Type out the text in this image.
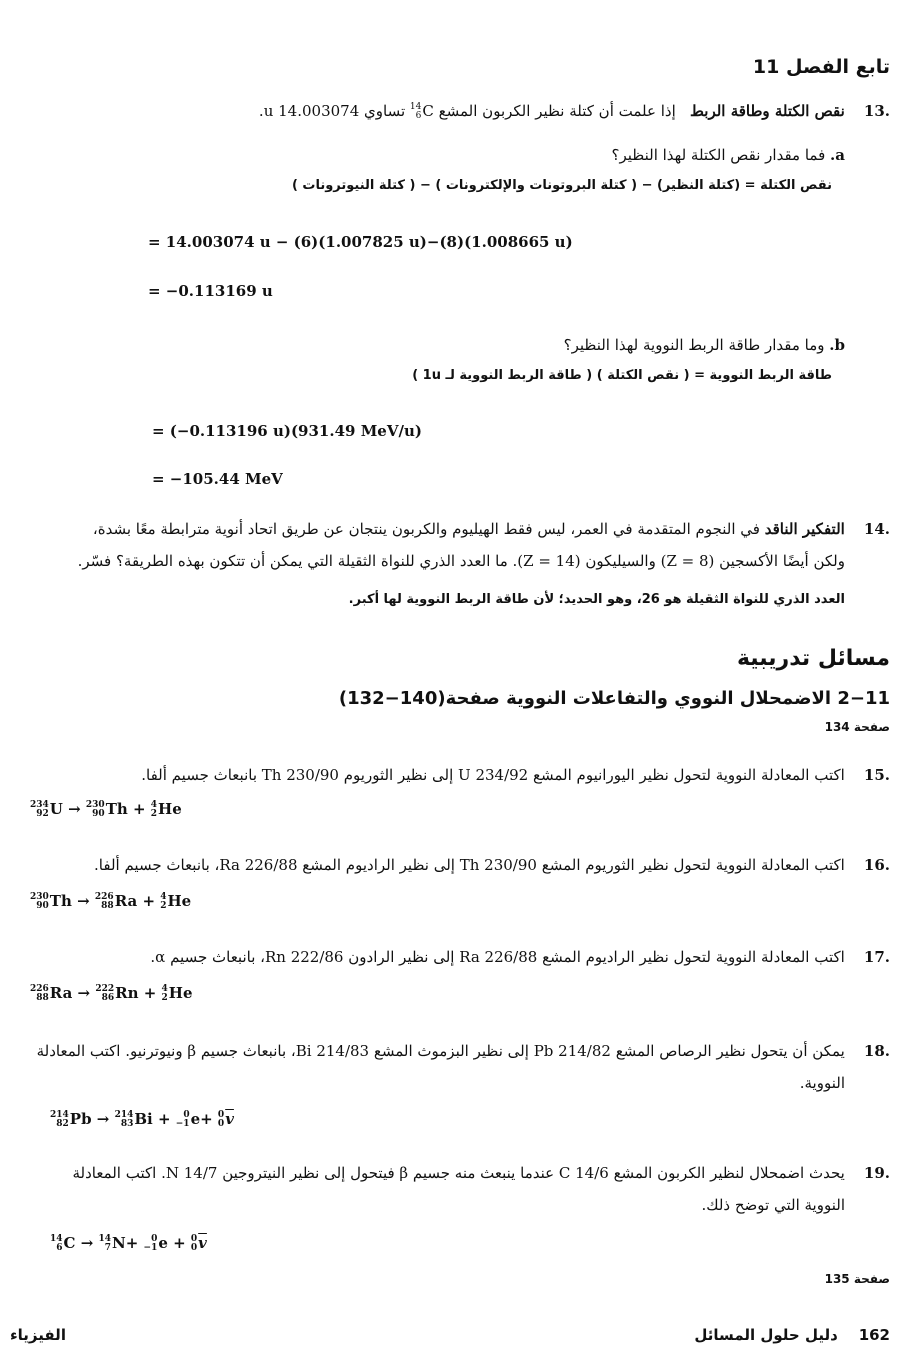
تابع الفصل 11
.13    نقص الكتلة وطاقة الربط   إذا علمت أن كتلة نظير الكربون المشع
14
6 C تساوي u 14.003074.
a. فما مقدار نقص الكتلة لهذا النظير؟
نقص الكتلة = (كتلة النظير) − ( كتلة البروتونات والإلكترونات ) − ( كتلة النيوترونات )
= 14.003074 u − (6)(1.007825 u)−(8)(1.008665 u)
= −0.113169 u
b. وما مقدار طاقة الربط النووية لهذا النظير؟
طاقة الربط النووية = ( نقص الكتلة ) ( طاقة الربط النووية لـ 1u )
= (−0.113196 u)(931.49 MeV/u)
= −105.44 MeV
.14    التفكير الناقد في النجوم المتقدمة في العمر، ليس فقط الهيليوم والكربون ينتجان عن طريق اتحاد أنوية مترابطة معًا بشدة،
ولكن أيضًا الأكسجين (Z = 8) والسيليكون (Z = 14). ما العدد الذري للنواة الثقيلة التي يمكن أن تتكون بهذه الطريقة؟ فسّر.
العدد الذري للنواة الثقيلة هو 26، وهو الحديد؛ لأن طاقة الربط النووية لها أكبر.
مسائل تدريبية
2−11 الاضمحلال النووي والتفاعلات النووية صفحة(140−132)
صفحة 134
.15    اكتب المعادلة النووية لتحول نظير اليورانيوم المشع U 234/92 إلى نظير الثوريوم Th 230/90 بانبعاث جسيم ألفا.
234
92 U → 230
90 Th + 4
2 He
.16    اكتب المعادلة النووية لتحول نظير الثوريوم المشع Th 230/90 إلى نظير الراديوم المشع Ra 226/88، بانبعاث جسيم ألفا.
230
90 Th → 226
88 Ra + 4
2 He
.17    اكتب المعادلة النووية لتحول نظير الراديوم المشع Ra 226/88 إلى نظير الرادون Rn 222/86، بانبعاث جسيم α.
226
88 Ra → 222
86 Rn + 4
2 He
.18    يمكن أن يتحول نظير الرصاص المشع Pb 214/82 إلى نظير البزموث المشع Bi 214/83، بانبعاث جسيم β ونيوترنيو. اكتب المعادلة
النووية.
214
82 Pb → 214
83 Bi + 0
−1 e+ 0
0 $\overline{v}$
.19    يحدث اضمحلال لنظير الكربون المشع C 14/6 عندما ينبعث منه جسيم β فيتحول إلى نظير النيتروجين N 14/7. اكتب المعادلة
النووية التي توضح ذلك.
14
6 C → 14
7 N+ 0
−1 e + 0
0 $\overline{v}$
صفحة 135
162    دليل حلول المسائل
الفيزياء
